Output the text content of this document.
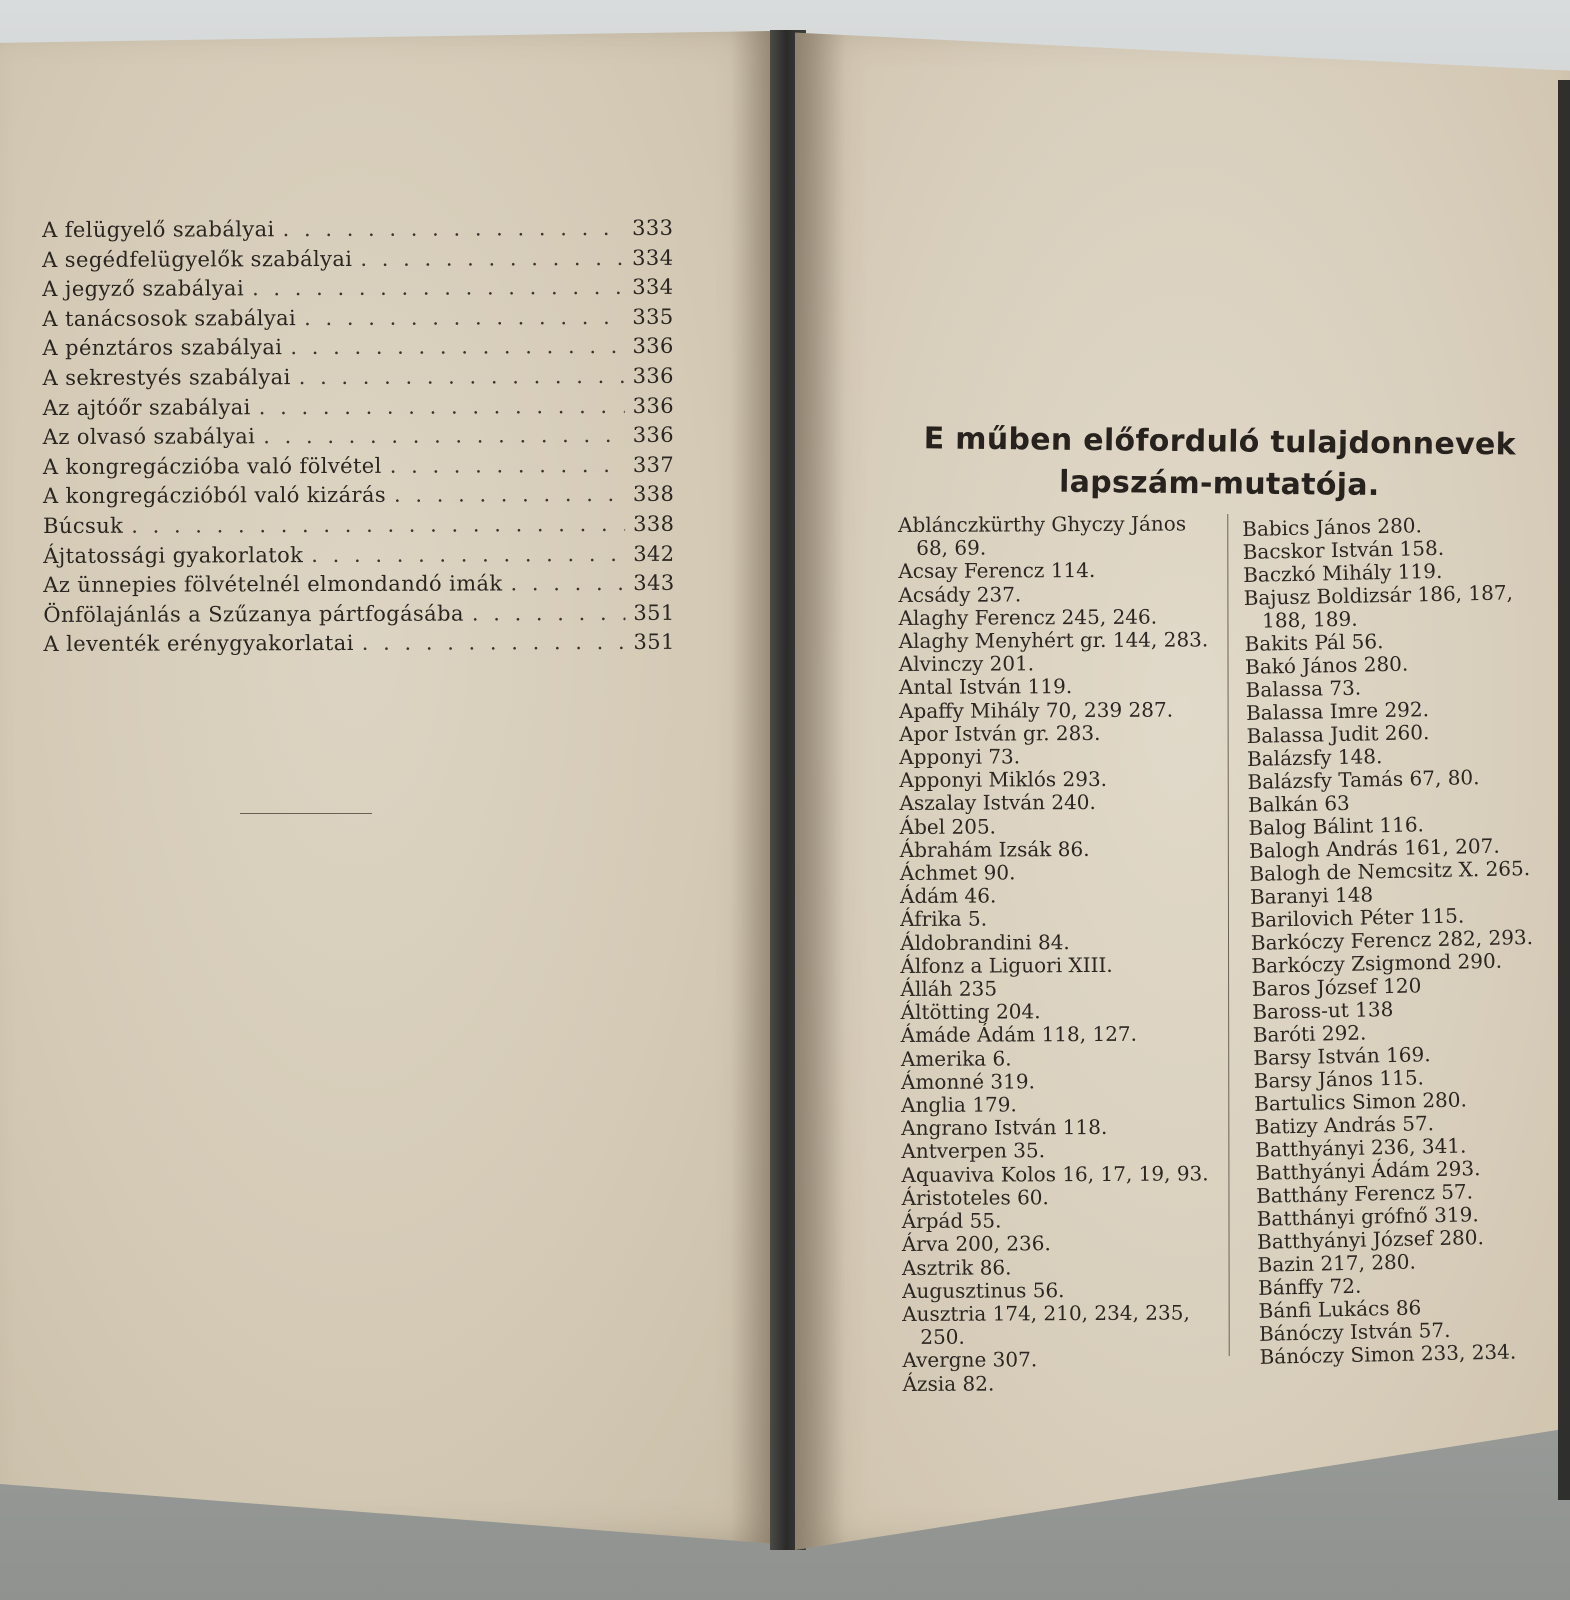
A felügyelő szabályai . . .	333
A segédfelügyelők szabályai . . .	334
A jegyző szabályai . . .	334
A tanácsosok szabályai . . .	335
A pénztáros szabályai . . .	336
A sekrestyés szabályai . . .	336
Az ajtóőr szabályai . . .	336
Az olvasó szabályai . . .	336
A kongregáczióba való fölvétel . . .	337
A kongregáczióból való kizárás . . .	338
Búcsuk . . .	338
Ájtatossági gyakorlatok . . .	342
Az ünnepies fölvételnél elmondandó imák . . .	343
Önfölajánlás a Szűzanya pártfogásába . . .	351
A leventék erénygyakorlatai . . .	351
E műben előforduló tulajdonnevek lapszám-mutatója.
Ablánczkürthy Ghyczy János 68, 69.
Acsay Ferencz 114.
Acsády 237.
Alaghy Ferencz 245, 246.
Alaghy Menyhért gr. 144, 283.
Alvinczy 201.
Antal István 119.
Apaffy Mihály 70, 239 287.
Apor István gr. 283.
Apponyi 73.
Apponyi Miklós 293.
Aszalay István 240.
Ábel 205.
Ábrahám Izsák 86.
Áchmet 90.
Ádám 46.
Áfrika 5.
Áldobrandini 84.
Álfonz a Liguori XIII.
Álláh 235
Áltötting 204.
Ámáde Ádám 118, 127.
Amerika 6.
Ámonné 319.
Anglia 179.
Angrano István 118.
Antverpen 35.
Aquaviva Kolos 16, 17, 19, 93.
Áristoteles 60.
Árpád 55.
Árva 200, 236.
Asztrik 86.
Augusztinus 56.
Ausztria 174, 210, 234, 235, 250.
Avergne 307.
Ázsia 82.
Babics János 280.
Bacskor István 158.
Baczkó Mihály 119.
Bajusz Boldizsár 186, 187, 188, 189.
Bakits Pál 56.
Bakó János 280.
Balassa 73.
Balassa Imre 292.
Balassa Judit 260.
Balázsfy 148.
Balázsfy Tamás 67, 80.
Balkán 63
Balog Bálint 116.
Balogh András 161, 207.
Balogh de Nemcsitz X. 265.
Baranyi 148
Barilovich Péter 115.
Barkóczy Ferencz 282, 293.
Barkóczy Zsigmond 290.
Baros József 120
Baross-ut 138
Baróti 292.
Barsy István 169.
Barsy János 115.
Bartulics Simon 280.
Batizy András 57.
Batthyányi 236, 341.
Batthyányi Ádám 293.
Batthány Ferencz 57.
Batthányi grófnő 319.
Batthyányi József 280.
Bazin 217, 280.
Bánffy 72.
Bánfi Lukács 86
Bánóczy István 57.
Bánóczy Simon 233, 234.
